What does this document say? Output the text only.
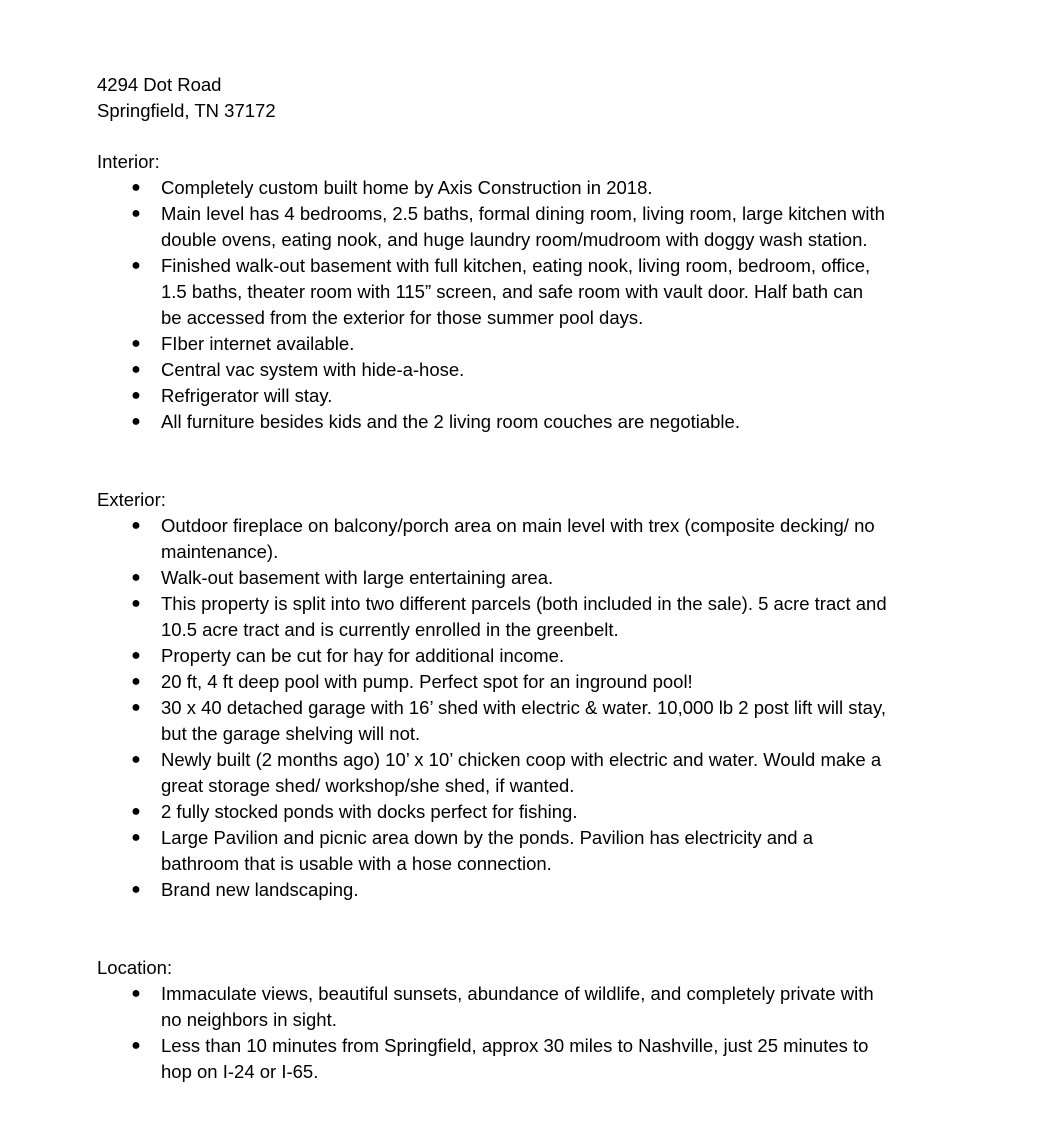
4294 Dot Road
Springfield, TN 37172
Interior:
● Completely custom built home by Axis Construction in 2018.
● Main level has 4 bedrooms, 2.5 baths, formal dining room, living room, large kitchen with
double ovens, eating nook, and huge laundry room/mudroom with doggy wash station.
● Finished walk-out basement with full kitchen, eating nook, living room, bedroom, office,
1.5 baths, theater room with 115” screen, and safe room with vault door. Half bath can
be accessed from the exterior for those summer pool days.
● FIber internet available.
● Central vac system with hide-a-hose.
● Refrigerator will stay.
● All furniture besides kids and the 2 living room couches are negotiable.
Exterior:
● Outdoor fireplace on balcony/porch area on main level with trex (composite decking/ no
maintenance).
● Walk-out basement with large entertaining area.
● This property is split into two different parcels (both included in the sale). 5 acre tract and
10.5 acre tract and is currently enrolled in the greenbelt.
● Property can be cut for hay for additional income.
● 20 ft, 4 ft deep pool with pump. Perfect spot for an inground pool!
● 30 x 40 detached garage with 16’ shed with electric & water. 10,000 lb 2 post lift will stay,
but the garage shelving will not.
● Newly built (2 months ago) 10’ x 10’ chicken coop with electric and water. Would make a
great storage shed/ workshop/she shed, if wanted.
● 2 fully stocked ponds with docks perfect for fishing.
● Large Pavilion and picnic area down by the ponds. Pavilion has electricity and a
bathroom that is usable with a hose connection.
● Brand new landscaping.
Location:
● Immaculate views, beautiful sunsets, abundance of wildlife, and completely private with
no neighbors in sight.
● Less than 10 minutes from Springfield, approx 30 miles to Nashville, just 25 minutes to
hop on I-24 or I-65.
